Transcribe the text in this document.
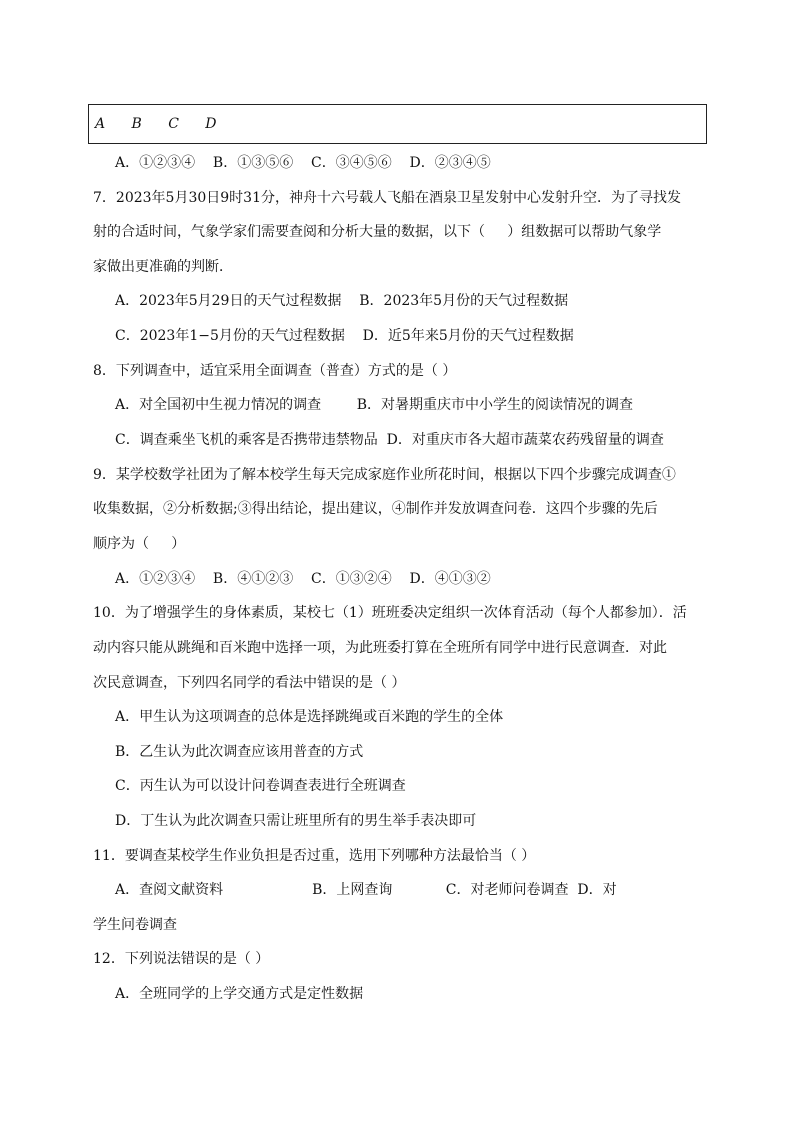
A  B  C  D
A．①②③④    B．①③⑤⑥    C．③④⑤⑥    D．②③④⑤
7．2023年5月30日9时31分，神舟十六号载人飞船在酒泉卫星发射中心发射升空．为了寻找发
射的合适时间，气象学家们需要查阅和分析大量的数据，以下（     ）组数据可以帮助气象学
家做出更准确的判断．
A．2023年5月29日的天气过程数据    B．2023年5月份的天气过程数据
C．2023年1−5月份的天气过程数据    D．近5年来5月份的天气过程数据
8．下列调查中，适宜采用全面调查（普查）方式的是（ ）
A．对全国初中生视力情况的调查        B．对暑期重庆市中小学生的阅读情况的调查
C．调查乘坐飞机的乘客是否携带违禁物品  D．对重庆市各大超市蔬菜农药残留量的调查
9．某学校数学社团为了解本校学生每天完成家庭作业所花时间，根据以下四个步骤完成调查①
收集数据，②分析数据;③得出结论，提出建议，④制作并发放调查问卷．这四个步骤的先后
顺序为（     ）
A．①②③④    B．④①②③    C．①③②④    D．④①③②
10．为了增强学生的身体素质，某校七（1）班班委决定组织一次体育活动（每个人都参加）．活
动内容只能从跳绳和百米跑中选择一项，为此班委打算在全班所有同学中进行民意调查．对此
次民意调查，下列四名同学的看法中错误的是（ ）
A．甲生认为这项调查的总体是选择跳绳或百米跑的学生的全体
B．乙生认为此次调查应该用普查的方式
C．丙生认为可以设计问卷调查表进行全班调查
D．丁生认为此次调查只需让班里所有的男生举手表决即可
11．要调查某校学生作业负担是否过重，选用下列哪种方法最恰当（ ）
A．查阅文献资料                    B．上网查询            C．对老师问卷调查  D．对
学生问卷调查
12．下列说法错误的是（ ）
A．全班同学的上学交通方式是定性数据
